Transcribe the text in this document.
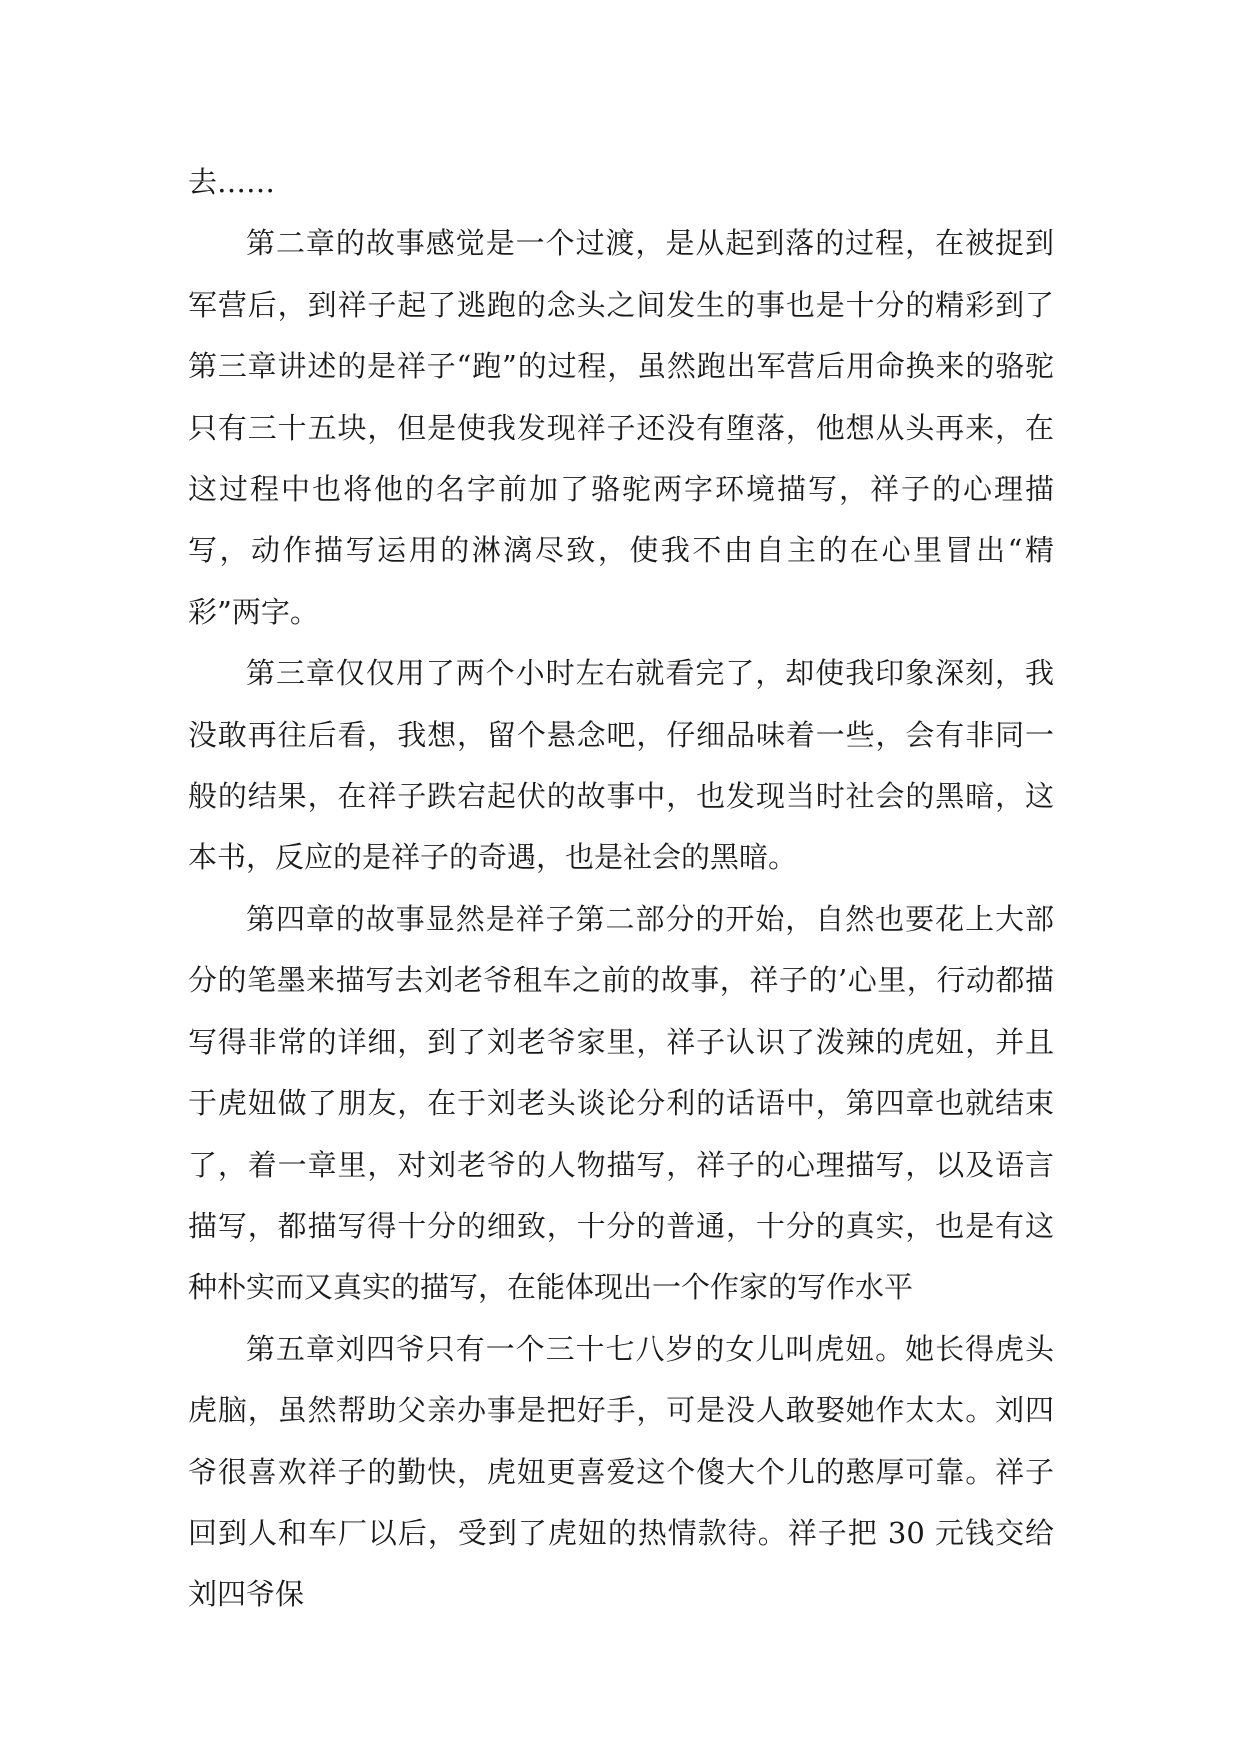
去……

第二章的故事感觉是一个过渡，是从起到落的过程，在被捉到军营后，到祥子起了逃跑的念头之间发生的事也是十分的精彩到了第三章讲述的是祥子“跑”的过程，虽然跑出军营后用命换来的骆驼只有三十五块，但是使我发现祥子还没有堕落，他想从头再来，在这过程中也将他的名字前加了骆驼两字环境描写，祥子的心理描写，动作描写运用的淋漓尽致，使我不由自主的在心里冒出“精彩”两字。

第三章仅仅用了两个小时左右就看完了，却使我印象深刻，我没敢再往后看，我想，留个悬念吧，仔细品味着一些，会有非同一般的结果，在祥子跌宕起伏的故事中，也发现当时社会的黑暗，这本书，反应的是祥子的奇遇，也是社会的黑暗。

第四章的故事显然是祥子第二部分的开始，自然也要花上大部分的笔墨来描写去刘老爷租车之前的故事，祥子的’心里，行动都描写得非常的详细，到了刘老爷家里，祥子认识了泼辣的虎妞，并且于虎妞做了朋友，在于刘老头谈论分利的话语中，第四章也就结束了，着一章里，对刘老爷的人物描写，祥子的心理描写，以及语言描写，都描写得十分的细致，十分的普通，十分的真实，也是有这种朴实而又真实的描写，在能体现出一个作家的写作水平

第五章刘四爷只有一个三十七八岁的女儿叫虎妞。她长得虎头虎脑，虽然帮助父亲办事是把好手，可是没人敢娶她作太太。刘四爷很喜欢祥子的勤快，虎妞更喜爱这个傻大个儿的憨厚可靠。祥子回到人和车厂以后，受到了虎妞的热情款待。祥子把 30 元钱交给刘四爷保
